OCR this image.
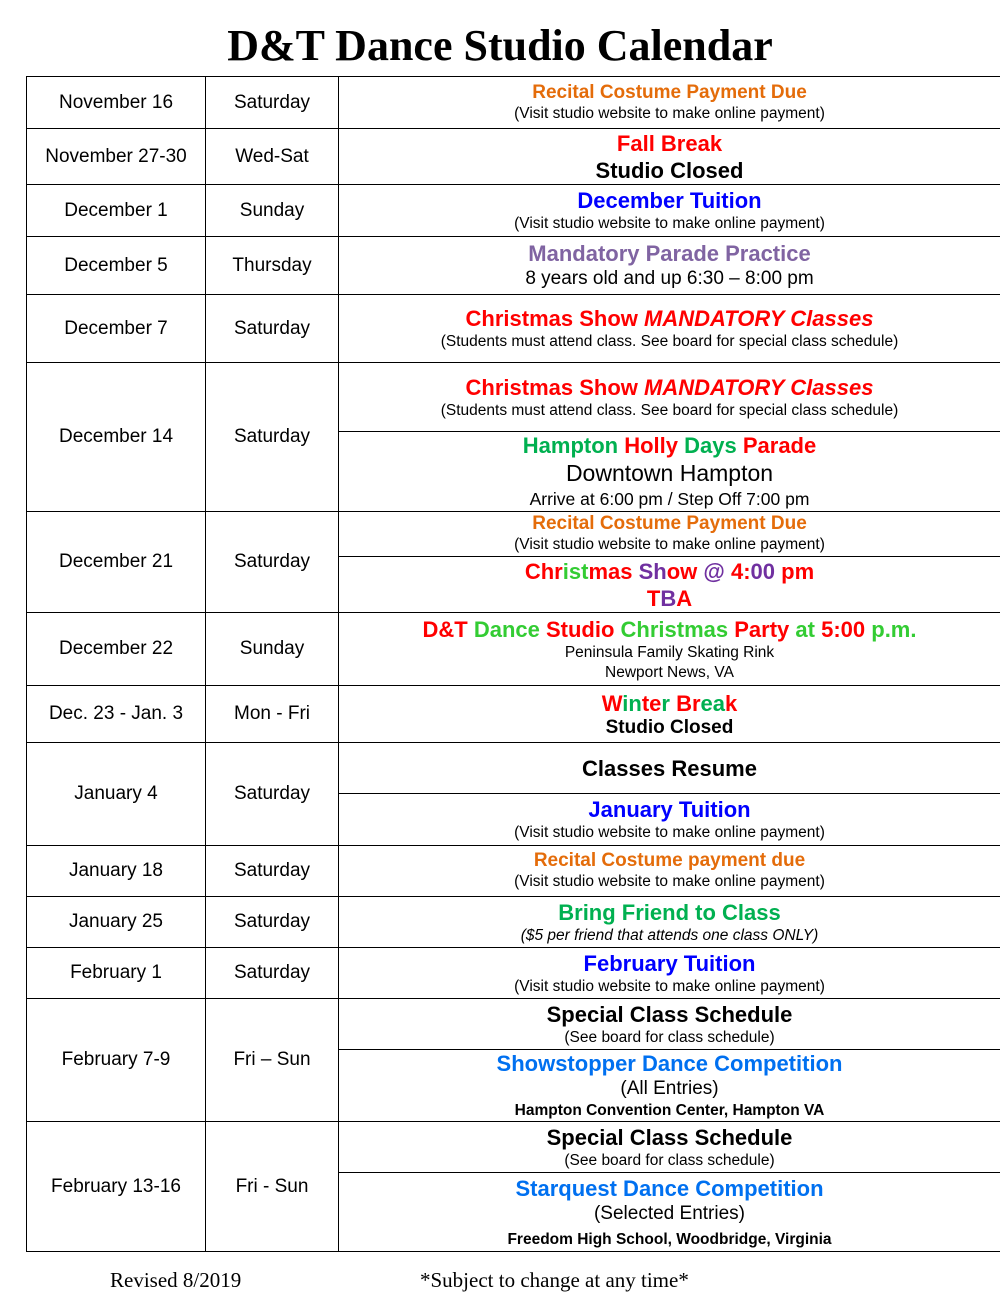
D&T Dance Studio Calendar
November 16	Saturday	Recital Costume Payment Due
(Visit studio website to make online payment)

November 27-30	Wed-Sat	Fall Break
Studio Closed

December 1	Sunday	December Tuition
(Visit studio website to make online payment)

December 5	Thursday	Mandatory Parade Practice
8 years old and up 6:30 – 8:00 pm

December 7	Saturday	Christmas Show MANDATORY Classes
(Students must attend class. See board for special class schedule)

December 14	Saturday	Christmas Show MANDATORY Classes
(Students must attend class. See board for special class schedule)

		Hampton Holly Days Parade
Downtown Hampton
Arrive at 6:00 pm / Step Off 7:00 pm

December 21	Saturday	Recital Costume Payment Due
(Visit studio website to make online payment)

		Christmas Show @ 4:00 pm
TBA

December 22	Sunday	D&T Dance Studio Christmas Party at 5:00 p.m.
Peninsula Family Skating Rink
Newport News, VA

Dec. 23 - Jan. 3	Mon - Fri	Winter Break
Studio Closed

January 4	Saturday	Classes Resume

		January Tuition
(Visit studio website to make online payment)

January 18	Saturday	Recital Costume payment due
(Visit studio website to make online payment)

January 25	Saturday	Bring Friend to Class
($5 per friend that attends one class ONLY)

February 1	Saturday	February Tuition
(Visit studio website to make online payment)

February 7-9	Fri – Sun	Special Class Schedule
(See board for class schedule)

		Showstopper Dance Competition
(All Entries)
Hampton Convention Center, Hampton VA

February 13-16	Fri - Sun	Special Class Schedule
(See board for class schedule)

		Starquest Dance Competition
(Selected Entries)
Freedom High School, Woodbridge, Virginia
Revised 8/2019	*Subject to change at any time*
